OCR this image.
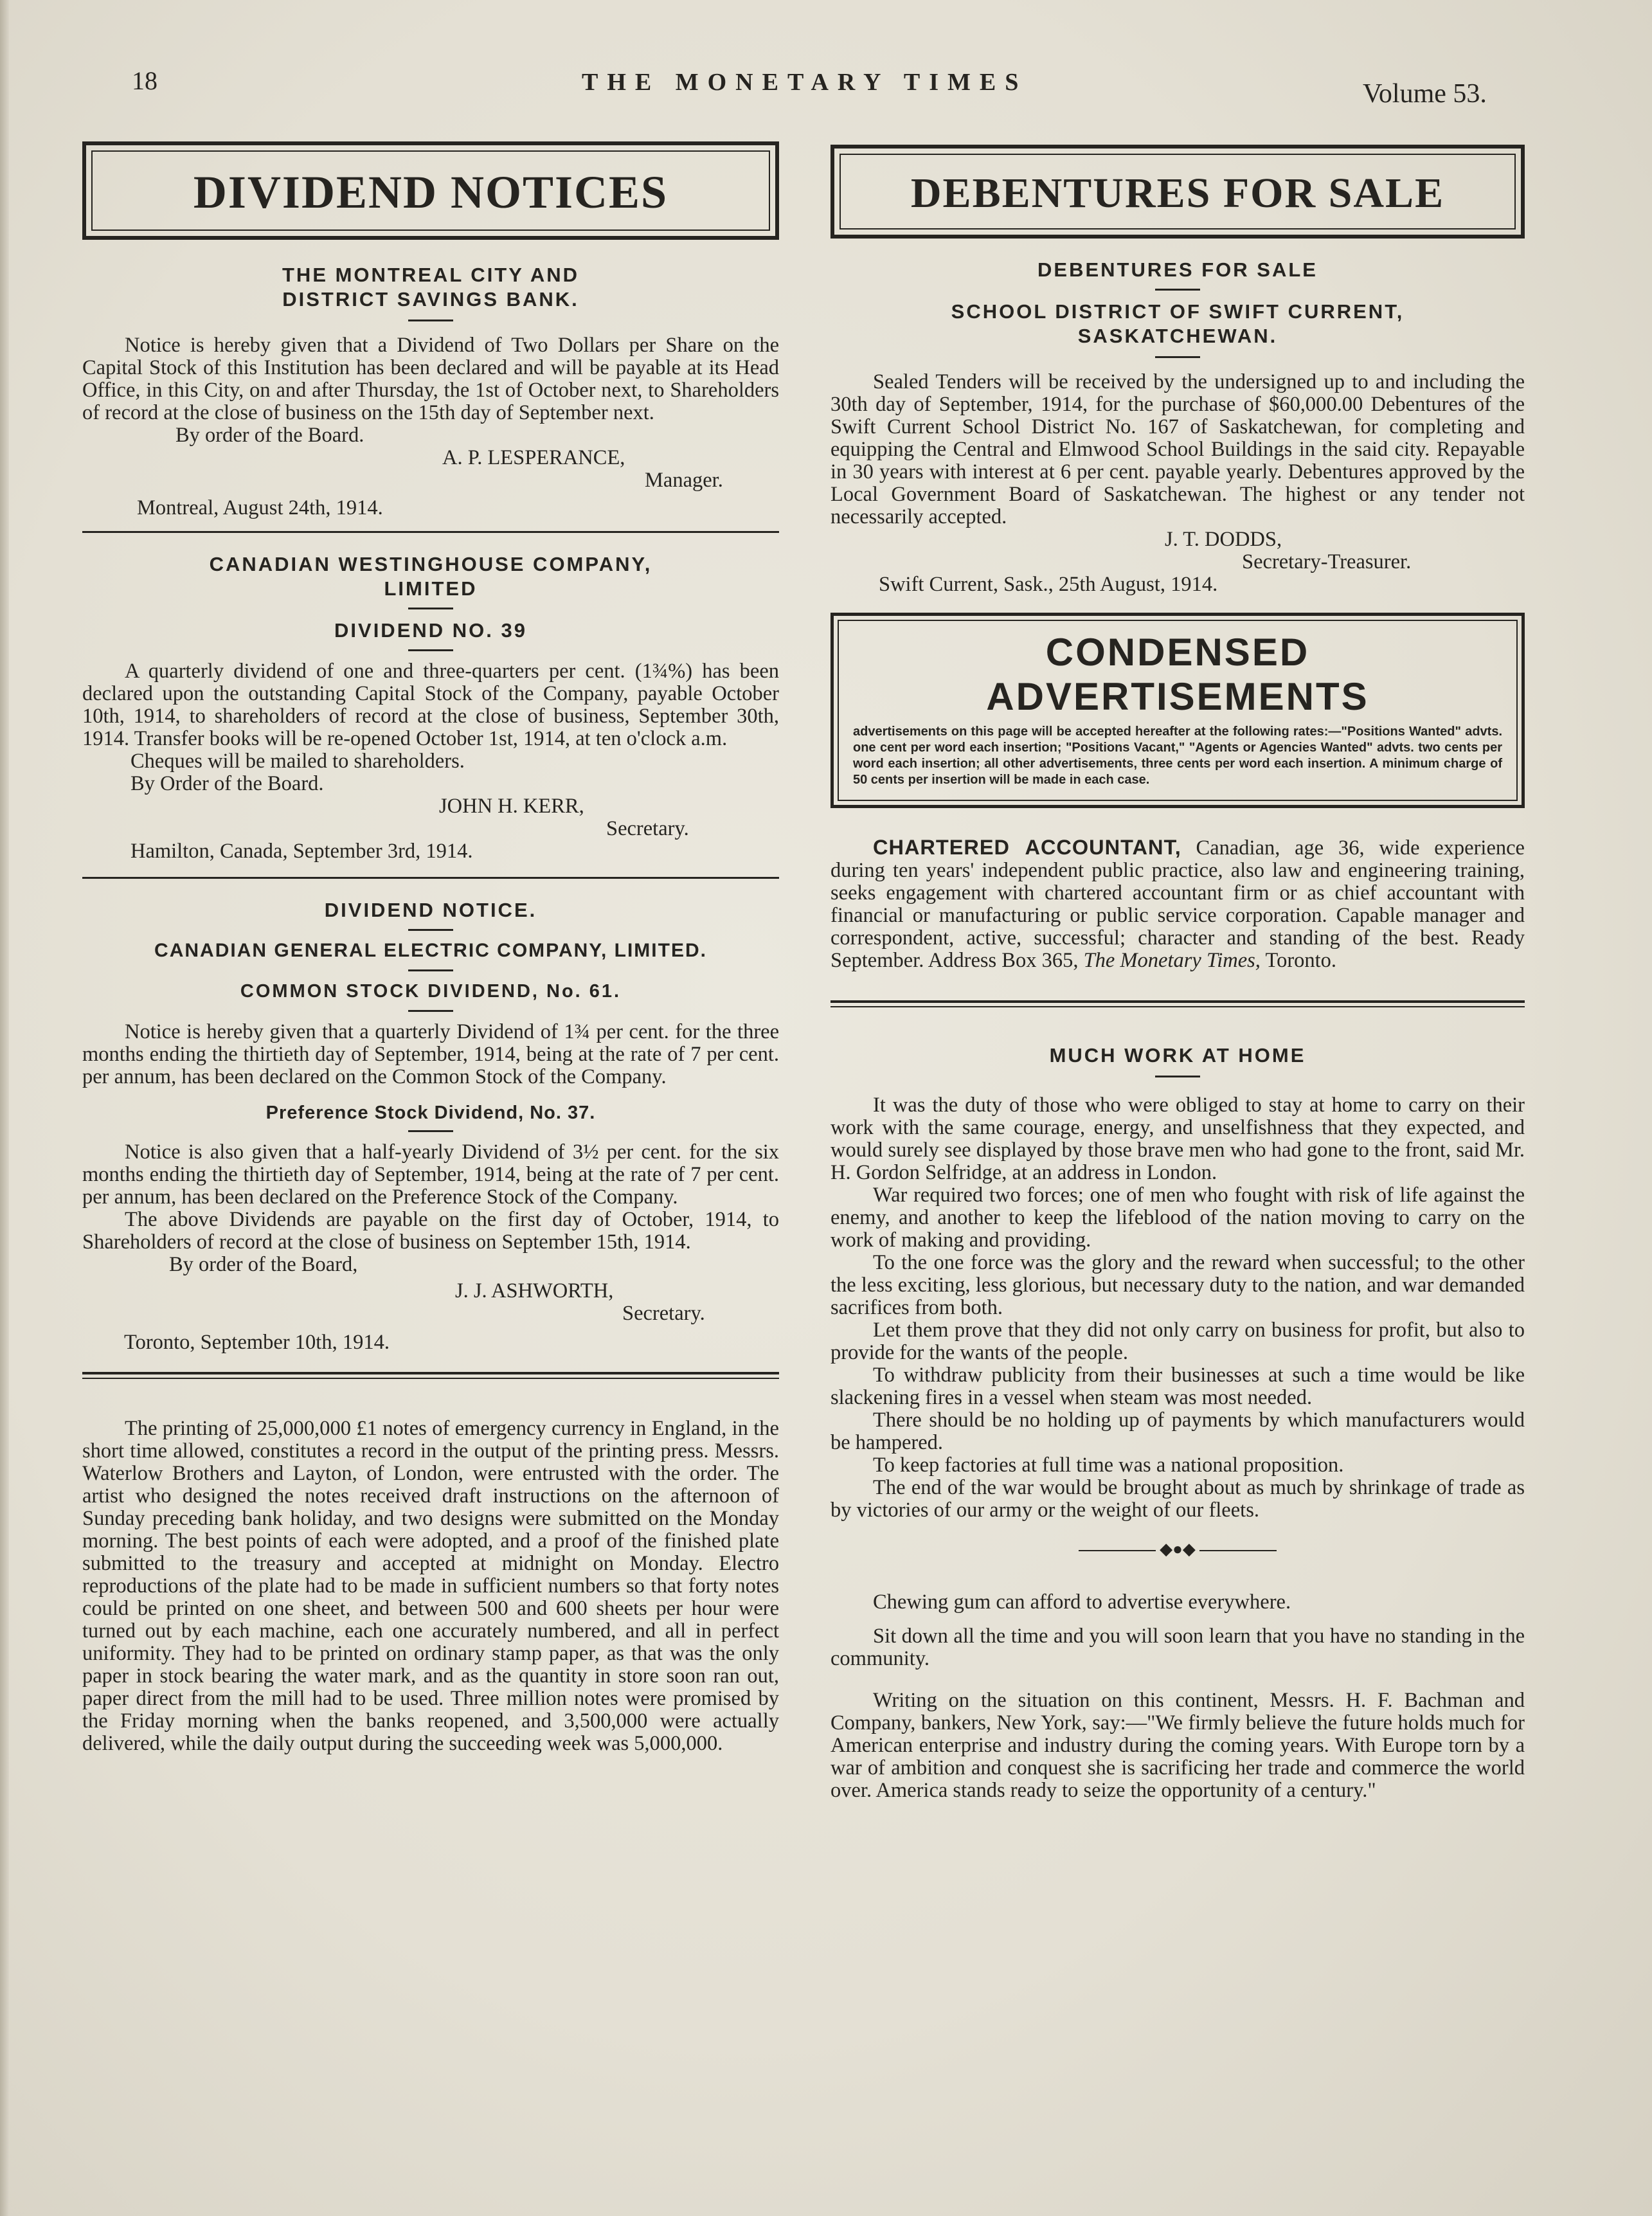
18	THE MONETARY TIMES	Volume 53.
DIVIDEND NOTICES
THE MONTREAL CITY AND DISTRICT SAVINGS BANK.

Notice is hereby given that a Dividend of Two Dollars per Share on the Capital Stock of this Institution has been declared and will be payable at its Head Office, in this City, on and after Thursday, the 1st of October next, to Shareholders of record at the close of business on the 15th day of September next.

By order of the Board.

A. P. LESPERANCE,

Manager.

Montreal, August 24th, 1914.

CANADIAN WESTINGHOUSE COMPANY, LIMITED
DIVIDEND NO. 39

A quarterly dividend of one and three-quarters per cent. (1¾%) has been declared upon the outstanding Capital Stock of the Company, payable October 10th, 1914, to shareholders of record at the close of business, September 30th, 1914. Transfer books will be re-opened October 1st, 1914, at ten o'clock a.m.

Cheques will be mailed to shareholders.

By Order of the Board.

JOHN H. KERR,

Secretary.

Hamilton, Canada, September 3rd, 1914.

DIVIDEND NOTICE.
CANADIAN GENERAL ELECTRIC COMPANY, LIMITED.
COMMON STOCK DIVIDEND, No. 61.

Notice is hereby given that a quarterly Dividend of 1¾ per cent. for the three months ending the thirtieth day of September, 1914, being at the rate of 7 per cent. per annum, has been declared on the Common Stock of the Company.

Preference Stock Dividend, No. 37.

Notice is also given that a half-yearly Dividend of 3½ per cent. for the six months ending the thirtieth day of September, 1914, being at the rate of 7 per cent. per annum, has been declared on the Preference Stock of the Company.

The above Dividends are payable on the first day of October, 1914, to Shareholders of record at the close of business on September 15th, 1914.

By order of the Board,

J. J. ASHWORTH,

Secretary.

Toronto, September 10th, 1914.

The printing of 25,000,000 £1 notes of emergency currency in England, in the short time allowed, constitutes a record in the output of the printing press. Messrs. Waterlow Brothers and Layton, of London, were entrusted with the order. The artist who designed the notes received draft instructions on the afternoon of Sunday preceding bank holiday, and two designs were submitted on the Monday morning. The best points of each were adopted, and a proof of the finished plate submitted to the treasury and accepted at midnight on Monday. Electro reproductions of the plate had to be made in sufficient numbers so that forty notes could be printed on one sheet, and between 500 and 600 sheets per hour were turned out by each machine, each one accurately numbered, and all in perfect uniformity. They had to be printed on ordinary stamp paper, as that was the only paper in stock bearing the water mark, and as the quantity in store soon ran out, paper direct from the mill had to be used. Three million notes were promised by the Friday morning when the banks reopened, and 3,500,000 were actually delivered, while the daily output during the succeeding week was 5,000,000.

DEBENTURES FOR SALE
DEBENTURES FOR SALE
SCHOOL DISTRICT OF SWIFT CURRENT, SASKATCHEWAN.

Sealed Tenders will be received by the undersigned up to and including the 30th day of September, 1914, for the purchase of $60,000.00 Debentures of the Swift Current School District No. 167 of Saskatchewan, for completing and equipping the Central and Elmwood School Buildings in the said city. Repayable in 30 years with interest at 6 per cent. payable yearly. Debentures approved by the Local Government Board of Saskatchewan. The highest or any tender not necessarily accepted.

J. T. DODDS,

Secretary-Treasurer.

Swift Current, Sask., 25th August, 1914.

CONDENSED ADVERTISEMENTS
advertisements on this page will be accepted hereafter at the following rates:—"Positions Wanted" advts. one cent per word each insertion; "Positions Vacant," "Agents or Agencies Wanted" advts. two cents per word each insertion; all other advertisements, three cents per word each insertion. A minimum charge of 50 cents per insertion will be made in each case.

CHARTERED ACCOUNTANT, Canadian, age 36, wide experience during ten years' independent public practice, also law and engineering training, seeks engagement with chartered accountant firm or as chief accountant with financial or manufacturing or public service corporation. Capable manager and correspondent, active, successful; character and standing of the best. Ready September. Address Box 365, The Monetary Times, Toronto.

MUCH WORK AT HOME

It was the duty of those who were obliged to stay at home to carry on their work with the same courage, energy, and unselfishness that they expected, and would surely see displayed by those brave men who had gone to the front, said Mr. H. Gordon Selfridge, at an address in London.

War required two forces; one of men who fought with risk of life against the enemy, and another to keep the lifeblood of the nation moving to carry on the work of making and providing.

To the one force was the glory and the reward when successful; to the other the less exciting, less glorious, but necessary duty to the nation, and war demanded sacrifices from both.

Let them prove that they did not only carry on business for profit, but also to provide for the wants of the people.

To withdraw publicity from their businesses at such a time would be like slackening fires in a vessel when steam was most needed.

There should be no holding up of payments by which manufacturers would be hampered.

To keep factories at full time was a national proposition.

The end of the war would be brought about as much by shrinkage of trade as by victories of our army or the weight of our fleets.

◆●◆

Chewing gum can afford to advertise everywhere.

Sit down all the time and you will soon learn that you have no standing in the community.

Writing on the situation on this continent, Messrs. H. F. Bachman and Company, bankers, New York, say:—"We firmly believe the future holds much for American enterprise and industry during the coming years. With Europe torn by a war of ambition and conquest she is sacrificing her trade and commerce the world over. America stands ready to seize the opportunity of a century."
